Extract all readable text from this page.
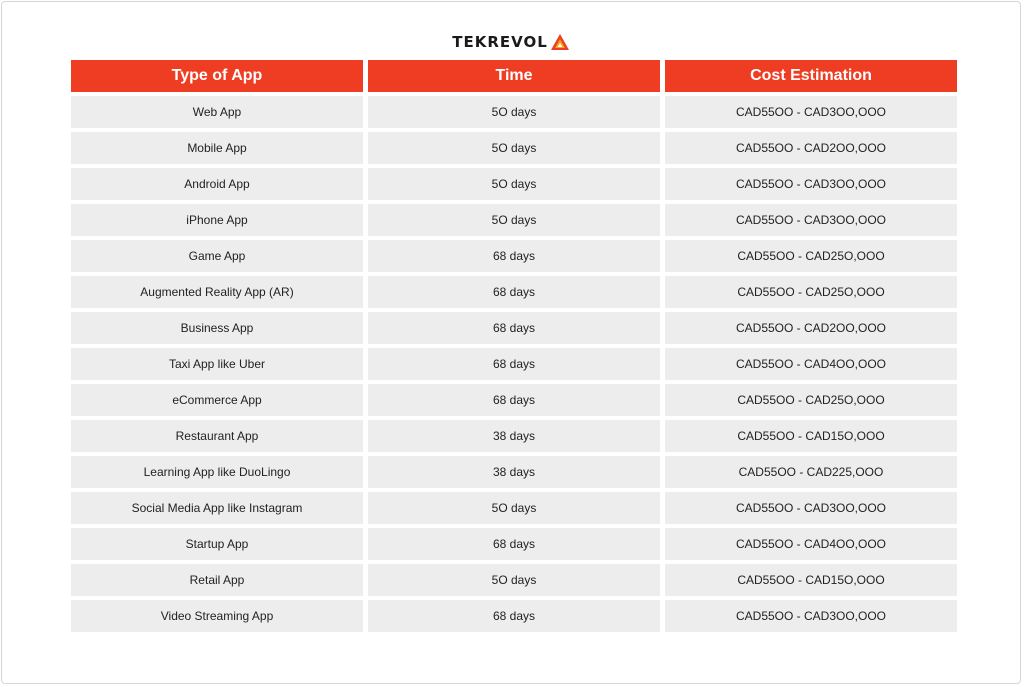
TEKREVOL
Type of App	Time	Cost Estimation
Web App	5O days	CAD55OO - CAD3OO,OOO
Mobile App	5O days	CAD55OO - CAD2OO,OOO
Android App	5O days	CAD55OO - CAD3OO,OOO
iPhone App	5O days	CAD55OO - CAD3OO,OOO
Game App	68 days	CAD55OO - CAD25O,OOO
Augmented Reality App (AR)	68 days	CAD55OO - CAD25O,OOO
Business App	68 days	CAD55OO - CAD2OO,OOO
Taxi App like Uber	68 days	CAD55OO - CAD4OO,OOO
eCommerce App	68 days	CAD55OO - CAD25O,OOO
Restaurant App	38 days	CAD55OO - CAD15O,OOO
Learning App like DuoLingo	38 days	CAD55OO - CAD225,OOO
Social Media App like Instagram	5O days	CAD55OO - CAD3OO,OOO
Startup App	68 days	CAD55OO - CAD4OO,OOO
Retail App	5O days	CAD55OO - CAD15O,OOO
Video Streaming App	68 days	CAD55OO - CAD3OO,OOO
